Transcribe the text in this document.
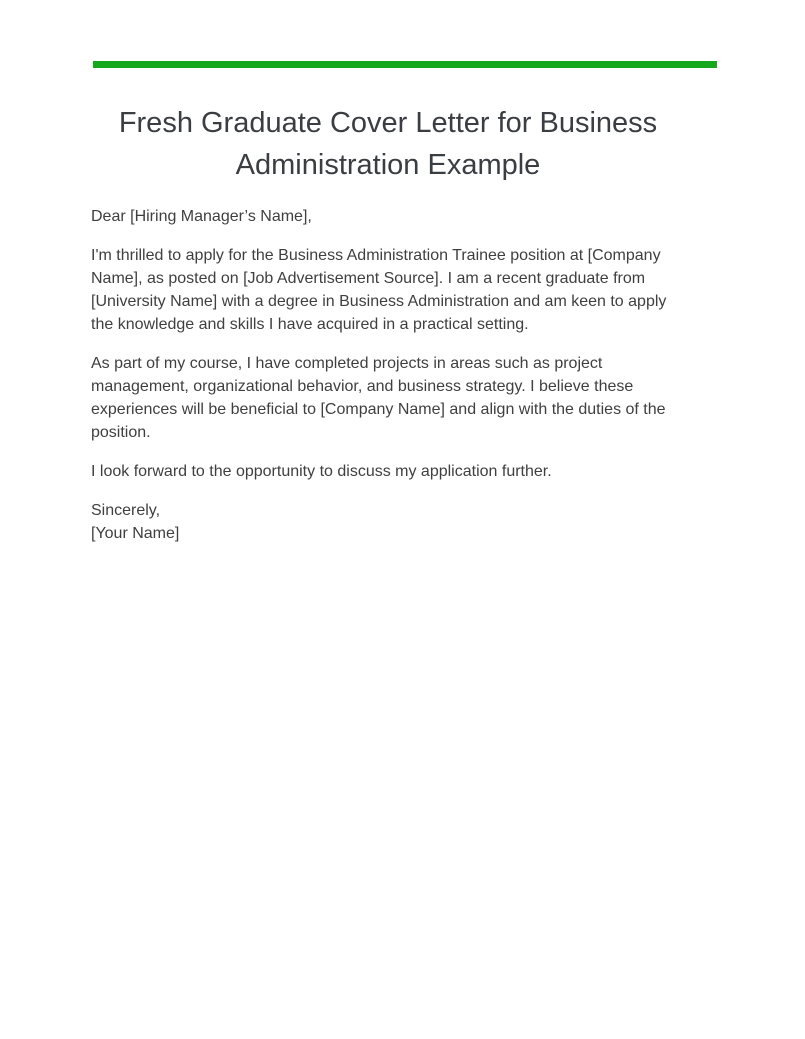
Fresh Graduate Cover Letter for Business Administration Example

Dear [Hiring Manager’s Name],

I'm thrilled to apply for the Business Administration Trainee position at [Company Name], as posted on [Job Advertisement Source]. I am a recent graduate from [University Name] with a degree in Business Administration and am keen to apply the knowledge and skills I have acquired in a practical setting.

As part of my course, I have completed projects in areas such as project management, organizational behavior, and business strategy. I believe these experiences will be beneficial to [Company Name] and align with the duties of the position.

I look forward to the opportunity to discuss my application further.

Sincerely,
[Your Name]
